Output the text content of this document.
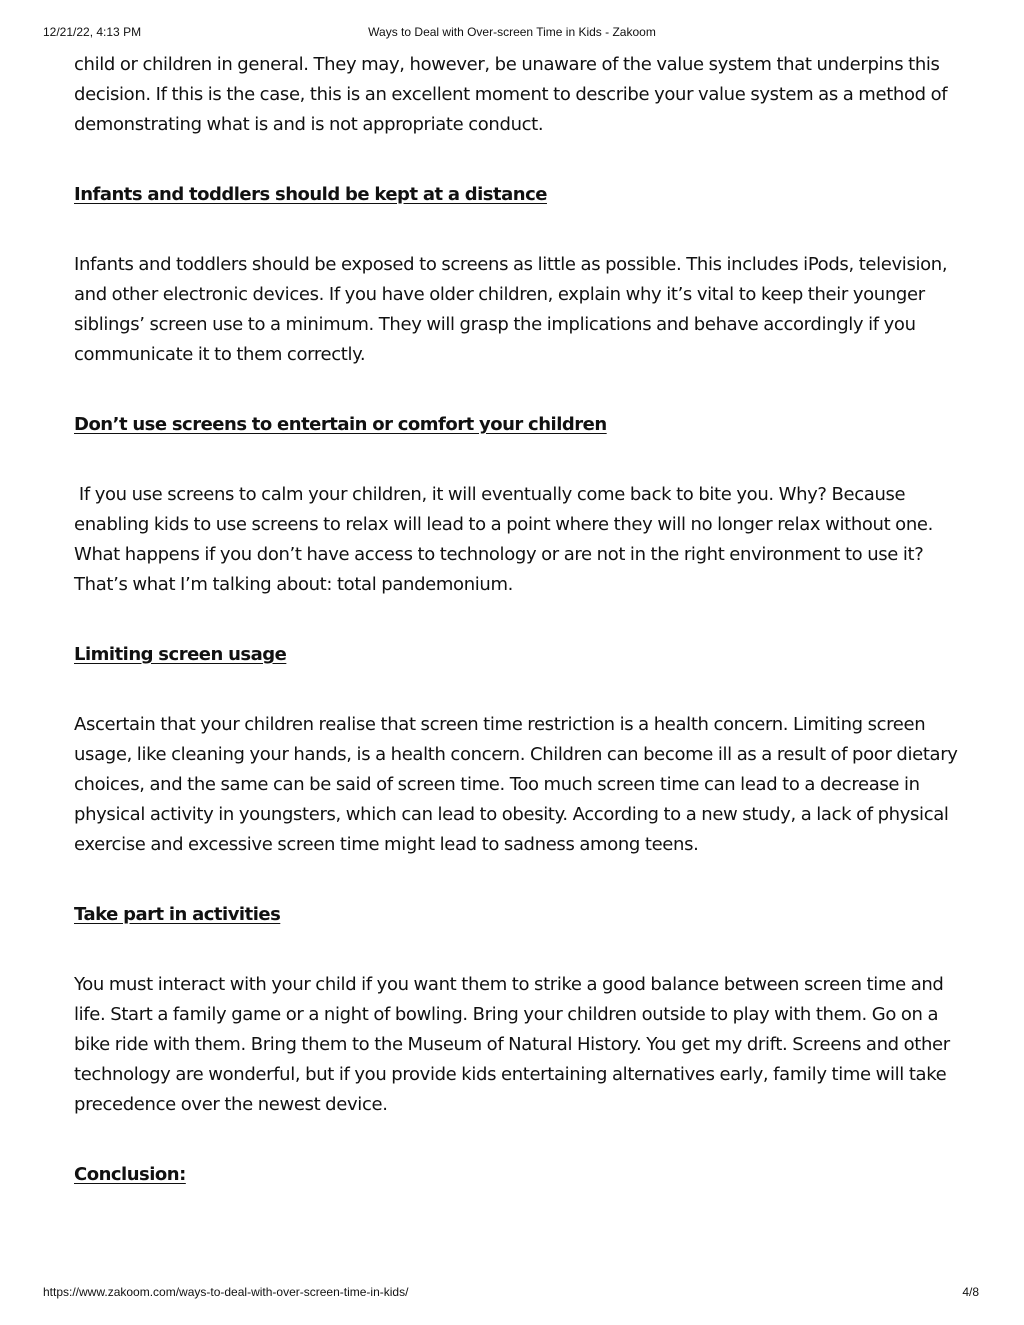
12/21/22, 4:13 PM	Ways to Deal with Over-screen Time in Kids - Zakoom

child or children in general. They may, however, be unaware of the value system that underpins this decision. If this is the case, this is an excellent moment to describe your value system as a method of demonstrating what is and is not appropriate conduct.

Infants and toddlers should be kept at a distance

Infants and toddlers should be exposed to screens as little as possible. This includes iPods, television, and other electronic devices. If you have older children, explain why it’s vital to keep their younger siblings’ screen use to a minimum. They will grasp the implications and behave accordingly if you communicate it to them correctly.

Don’t use screens to entertain or comfort your children

If you use screens to calm your children, it will eventually come back to bite you. Why? Because enabling kids to use screens to relax will lead to a point where they will no longer relax without one. What happens if you don’t have access to technology or are not in the right environment to use it? That’s what I’m talking about: total pandemonium.

Limiting screen usage

Ascertain that your children realise that screen time restriction is a health concern. Limiting screen usage, like cleaning your hands, is a health concern. Children can become ill as a result of poor dietary choices, and the same can be said of screen time. Too much screen time can lead to a decrease in physical activity in youngsters, which can lead to obesity. According to a new study, a lack of physical exercise and excessive screen time might lead to sadness among teens.

Take part in activities

You must interact with your child if you want them to strike a good balance between screen time and life. Start a family game or a night of bowling. Bring your children outside to play with them. Go on a bike ride with them. Bring them to the Museum of Natural History. You get my drift. Screens and other technology are wonderful, but if you provide kids entertaining alternatives early, family time will take precedence over the newest device.

Conclusion:
https://www.zakoom.com/ways-to-deal-with-over-screen-time-in-kids/	4/8
